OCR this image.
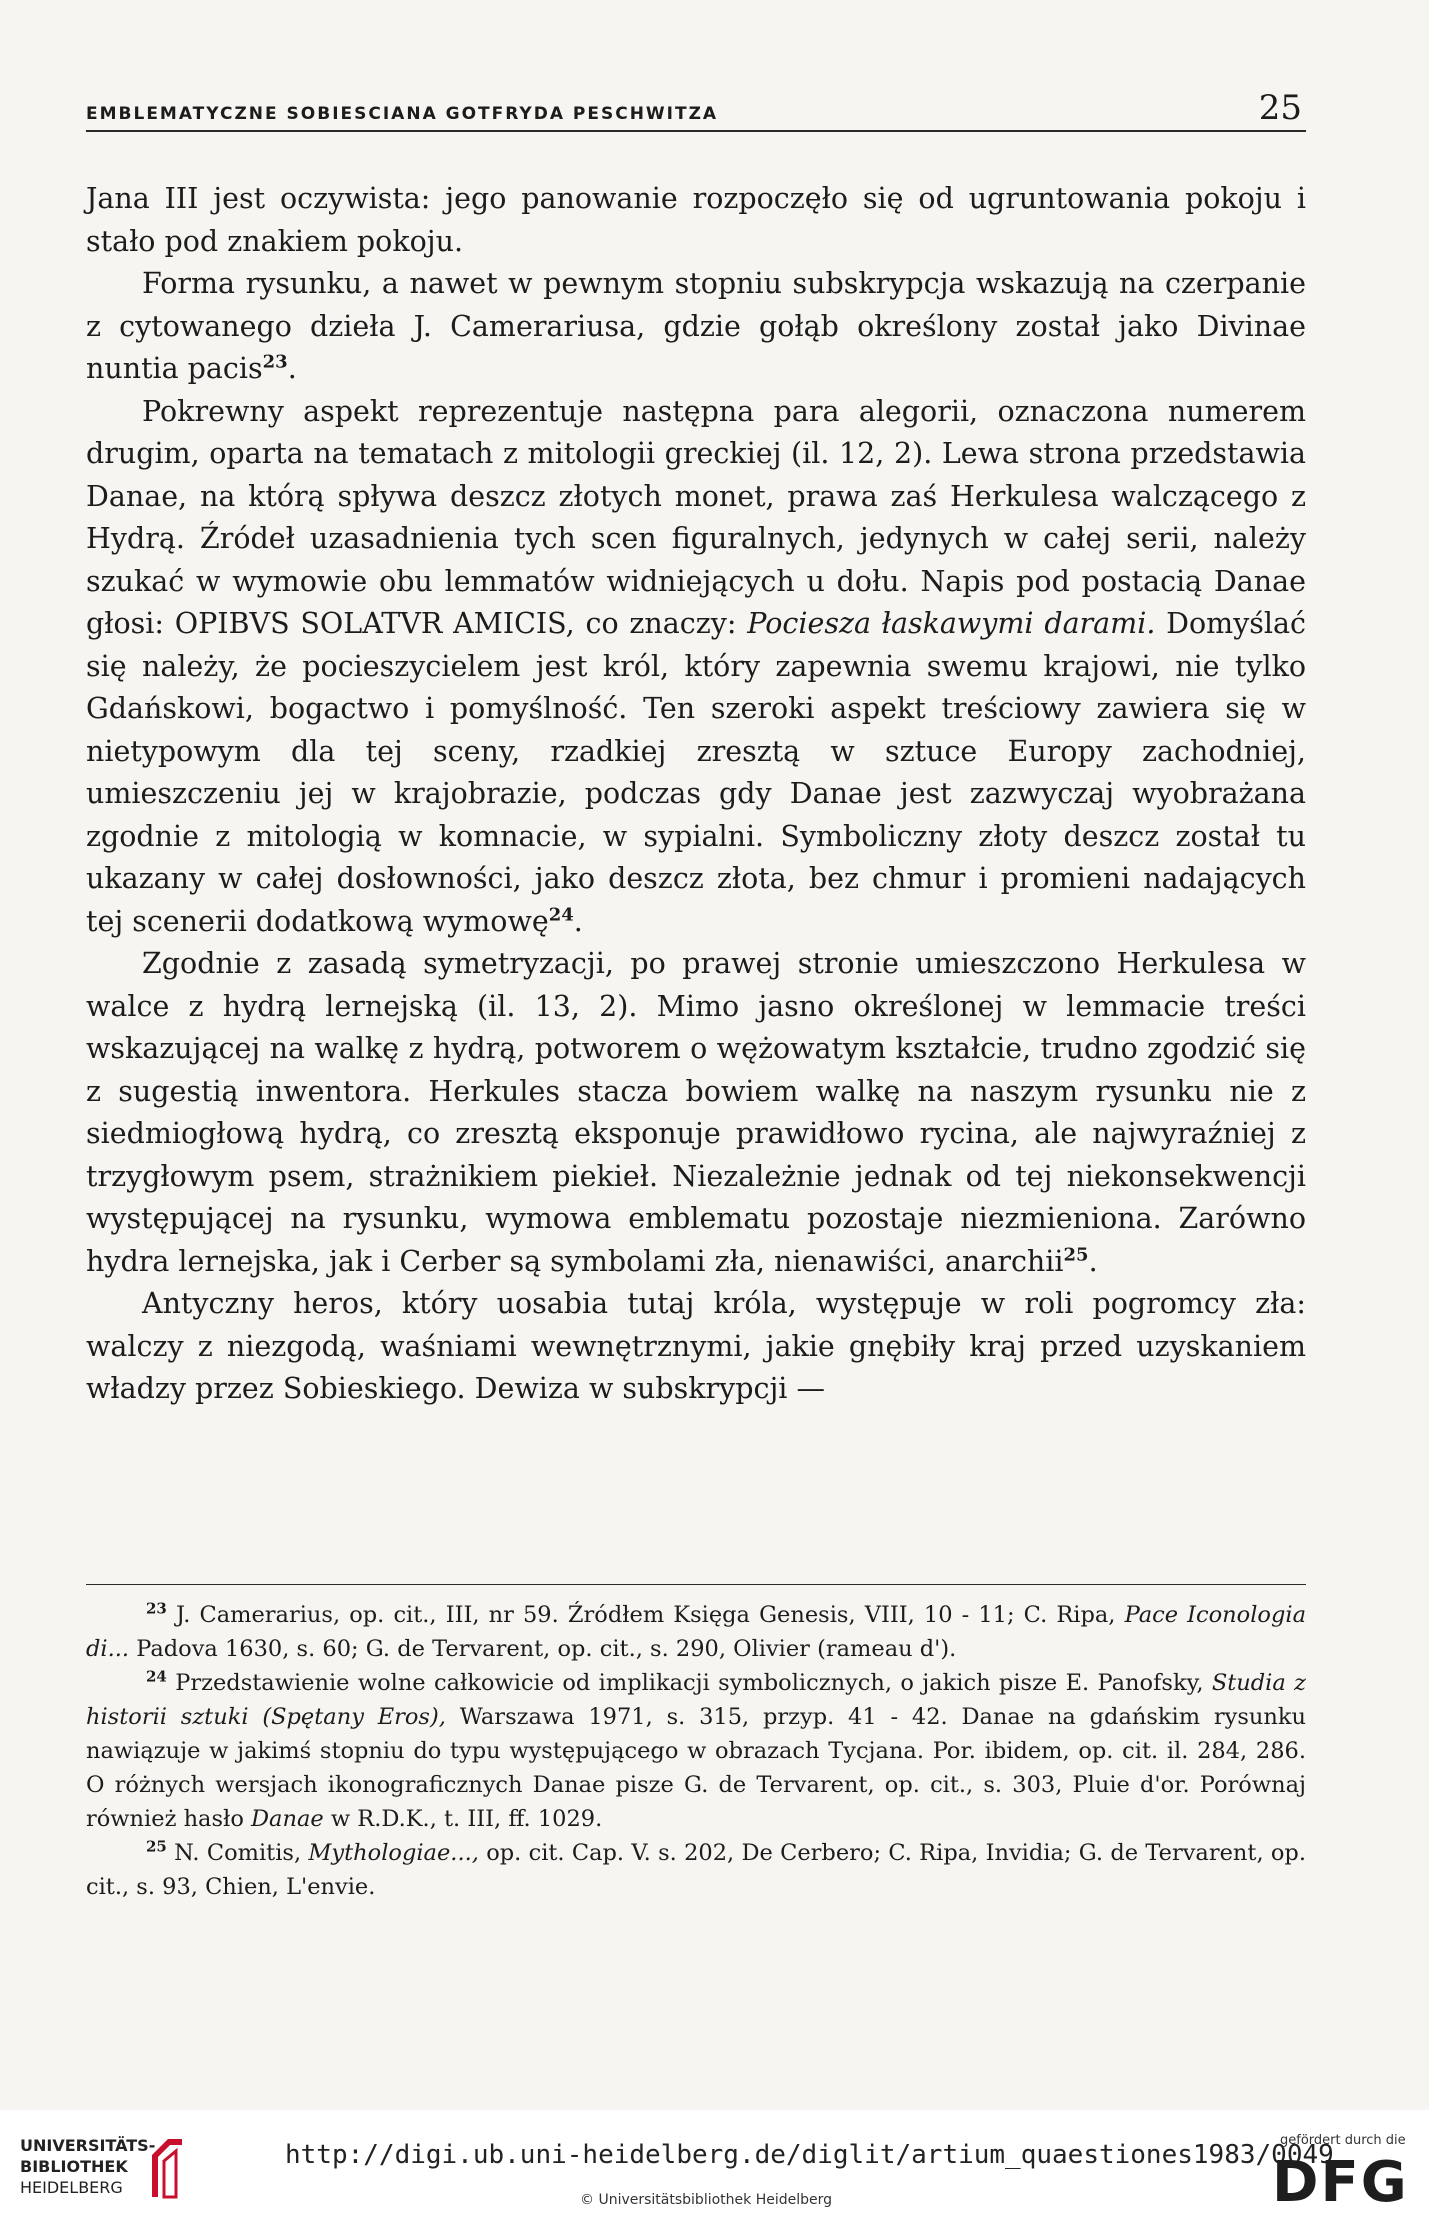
EMBLEMATYCZNE SOBIESCIANA GOTFRYDA PESCHWITZA	25

Jana III jest oczywista: jego panowanie rozpoczęło się od ugruntowania pokoju i stało pod znakiem pokoju.

Forma rysunku, a nawet w pewnym stopniu subskrypcja wskazują na czerpanie z cytowanego dzieła J. Camerariusa, gdzie gołąb określony został jako Divinae nuntia pacis$^{23}$.

Pokrewny aspekt reprezentuje następna para alegorii, oznaczona numerem drugim, oparta na tematach z mitologii greckiej (il. 12, 2). Lewa strona przedstawia Danae, na którą spływa deszcz złotych monet, prawa zaś Herkulesa walczącego z Hydrą. Źródeł uzasadnienia tych scen figuralnych, jedynych w całej serii, należy szukać w wymowie obu lemmatów widniejących u dołu. Napis pod postacią Danae głosi: OPIBVS SOLATVR AMICIS, co znaczy: Pociesza łaskawymi darami. Domyślać się należy, że pocieszycielem jest król, który zapewnia swemu krajowi, nie tylko Gdańskowi, bogactwo i pomyślność. Ten szeroki aspekt treściowy zawiera się w nietypowym dla tej sceny, rzadkiej zresztą w sztuce Europy zachodniej, umieszczeniu jej w krajobrazie, podczas gdy Danae jest zazwyczaj wyobrażana zgodnie z mitologią w komnacie, w sypialni. Symboliczny złoty deszcz został tu ukazany w całej dosłowności, jako deszcz złota, bez chmur i promieni nadających tej scenerii dodatkową wymowę$^{24}$.

Zgodnie z zasadą symetryzacji, po prawej stronie umieszczono Herkulesa w walce z hydrą lernejską (il. 13, 2). Mimo jasno określonej w lemmacie treści wskazującej na walkę z hydrą, potworem o wężowatym kształcie, trudno zgodzić się z sugestią inwentora. Herkules stacza bowiem walkę na naszym rysunku nie z siedmiogłową hydrą, co zresztą eksponuje prawidłowo rycina, ale najwyraźniej z trzygłowym psem, strażnikiem piekieł. Niezależnie jednak od tej niekonsekwencji występującej na rysunku, wymowa emblematu pozostaje niezmieniona. Zarówno hydra lernejska, jak i Cerber są symbolami zła, nienawiści, anarchii$^{25}$.

Antyczny heros, który uosabia tutaj króla, występuje w roli pogromcy zła: walczy z niezgodą, waśniami wewnętrznymi, jakie gnębiły kraj przed uzyskaniem władzy przez Sobieskiego. Dewiza w subskrypcji —

$^{23}$ J. Camerarius, op. cit., III, nr 59. Źródłem Księga Genesis, VIII, 10 - 11; C. Ripa, Pace Iconologia di... Padova 1630, s. 60; G. de Tervarent, op. cit., s. 290, Olivier (rameau d').

$^{24}$ Przedstawienie wolne całkowicie od implikacji symbolicznych, o jakich pisze E. Panofsky, Studia z historii sztuki (Spętany Eros), Warszawa 1971, s. 315, przyp. 41 - 42. Danae na gdańskim rysunku nawiązuje w jakimś stopniu do typu występującego w obrazach Tycjana. Por. ibidem, op. cit. il. 284, 286. O różnych wersjach ikonograficznych Danae pisze G. de Tervarent, op. cit., s. 303, Pluie d'or. Porównaj również hasło Danae w R.D.K., t. III, ff. 1029.

$^{25}$ N. Comitis, Mythologiae..., op. cit. Cap. V. s. 202, De Cerbero; C. Ripa, Invidia; G. de Tervarent, op. cit., s. 93, Chien, L'envie.

UNIVERSITÄTS-
BIBLIOTHEK
HEIDELBERG
http://digi.ub.uni-heidelberg.de/diglit/artium_quaestiones1983/0049
© Universitätsbibliothek Heidelberg
gefördert durch die
DFG
